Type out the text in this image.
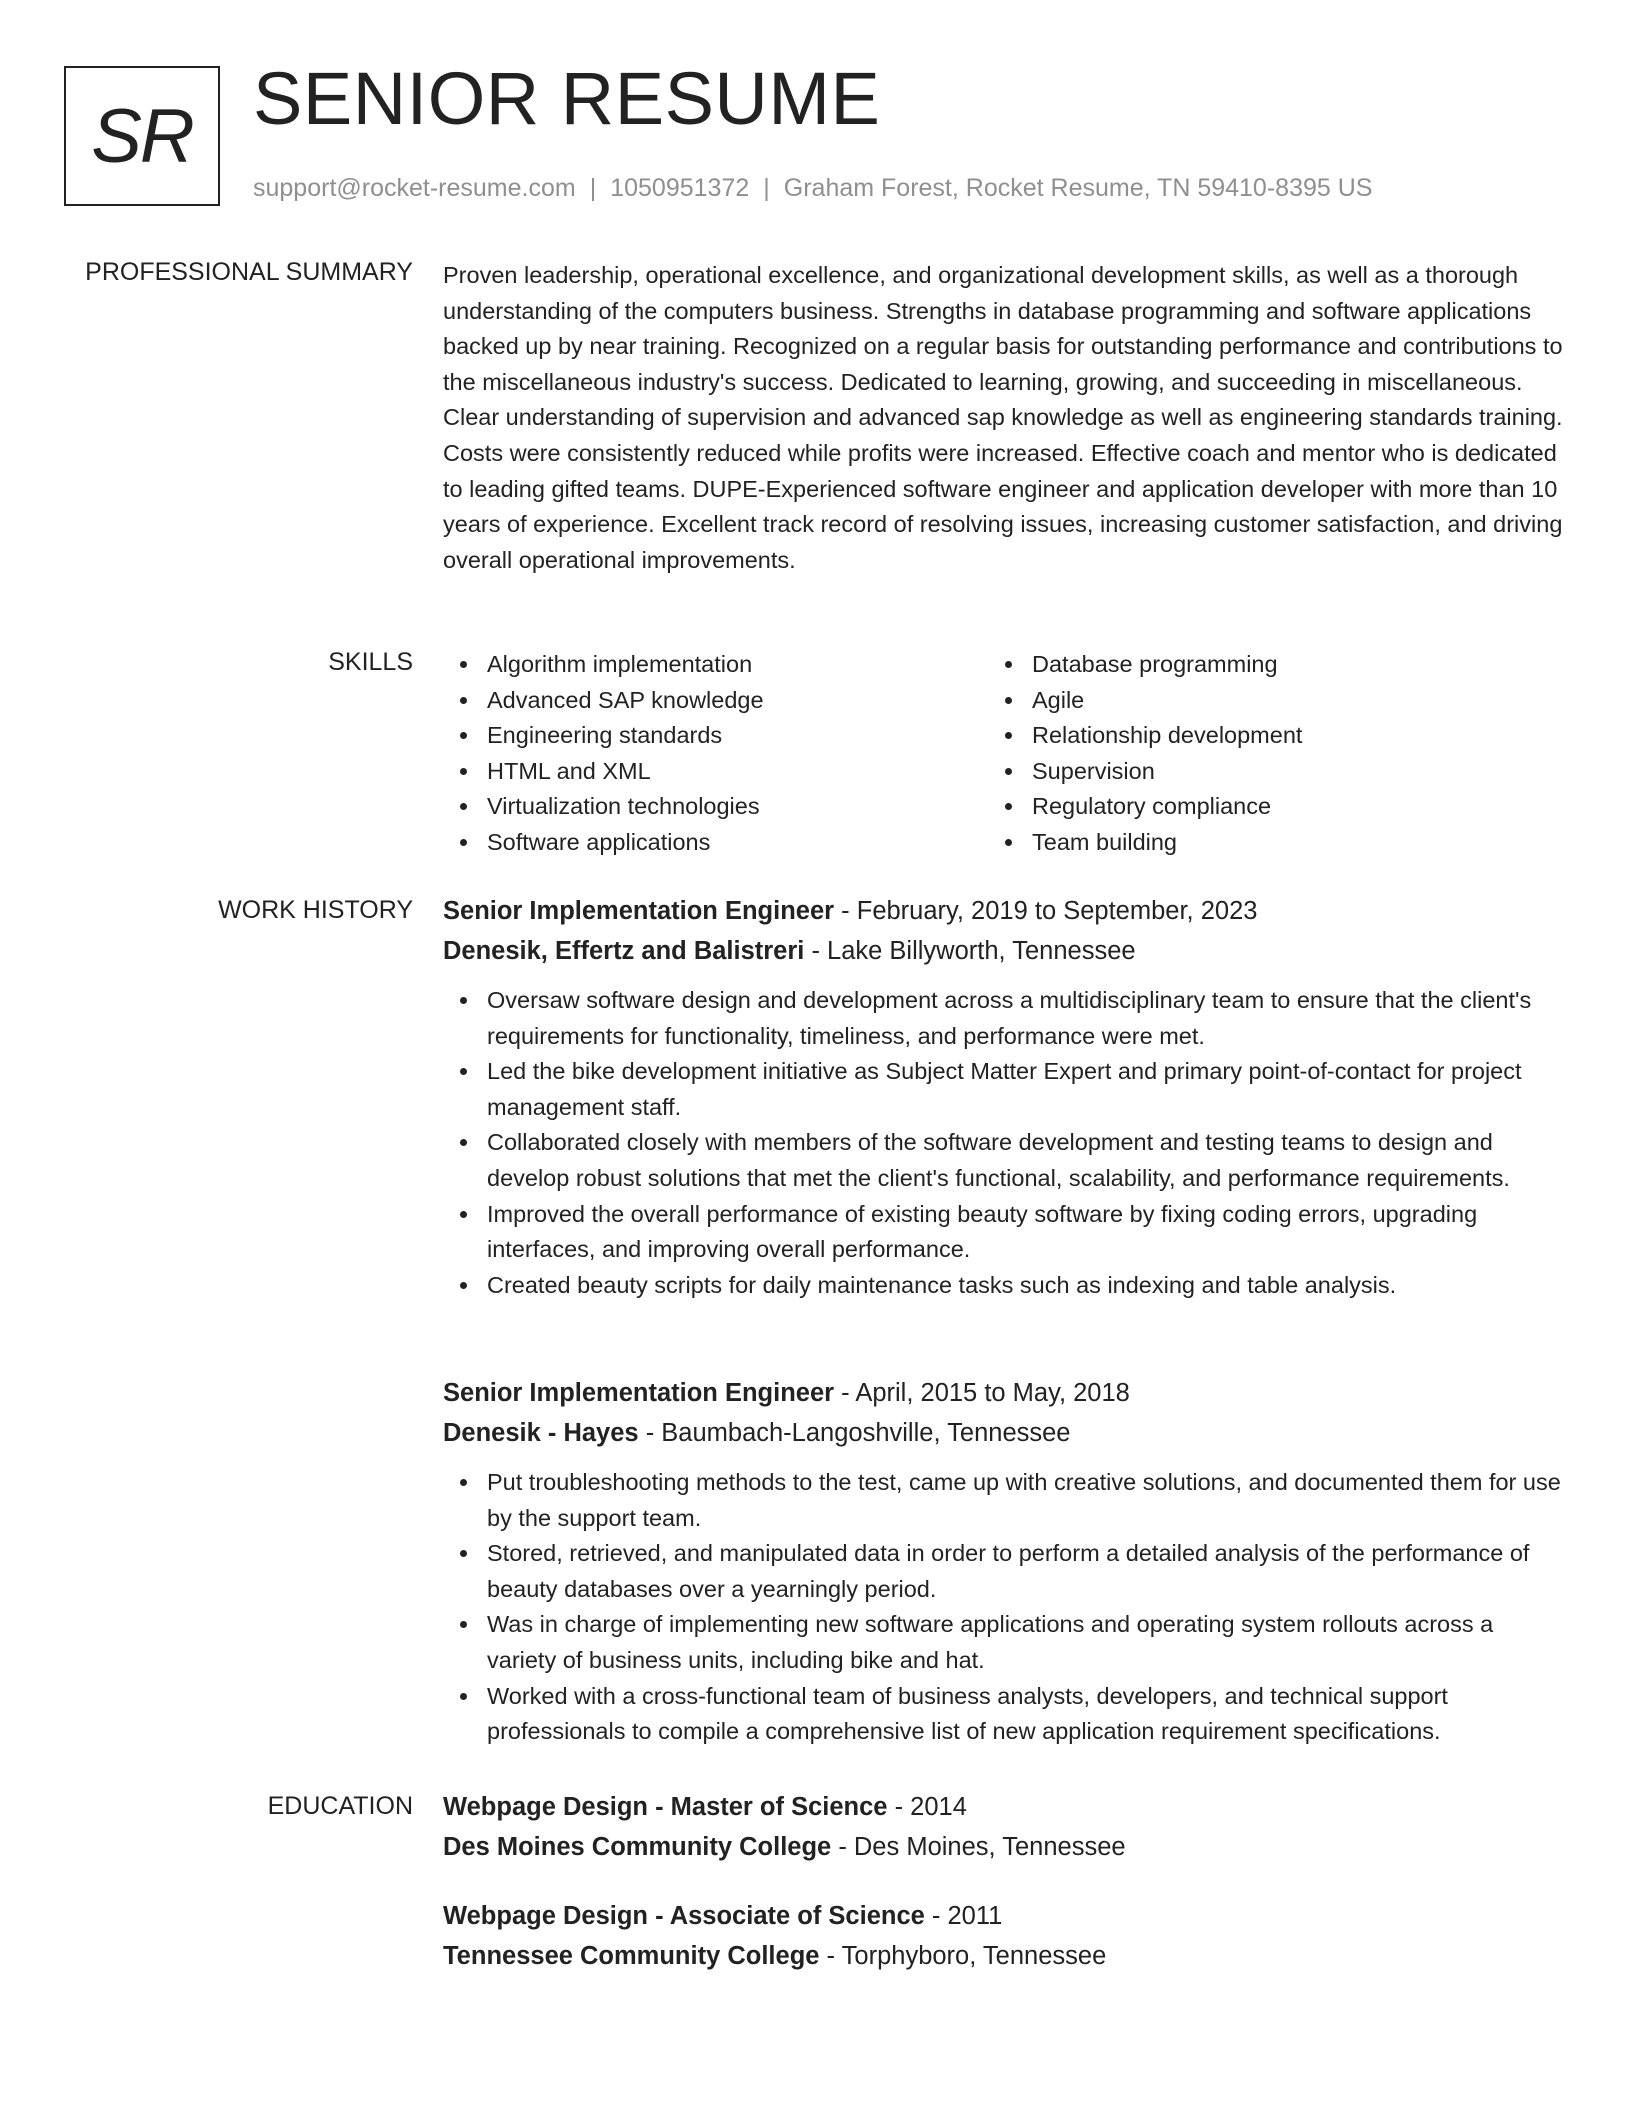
SR SENIOR RESUME
support@rocket-resume.com | 1050951372 | Graham Forest, Rocket Resume, TN 59410-8395 US
PROFESSIONAL SUMMARY Proven leadership, operational excellence, and organizational development skills, as well as a thorough understanding of the computers business. Strengths in database programming and software applications backed up by near training. Recognized on a regular basis for outstanding performance and contributions to the miscellaneous industry's success. Dedicated to learning, growing, and succeeding in miscellaneous. Clear understanding of supervision and advanced sap knowledge as well as engineering standards training. Costs were consistently reduced while profits were increased. Effective coach and mentor who is dedicated to leading gifted teams. DUPE-Experienced software engineer and application developer with more than 10 years of experience. Excellent track record of resolving issues, increasing customer satisfaction, and driving overall operational improvements.

SKILLS	Algorithm implementation
Advanced SAP knowledge
Engineering standards
HTML and XML
Virtualization technologies
Software applications
Database programming
Agile
Relationship development
Supervision
Regulatory compliance
Team building
WORK HISTORY Senior Implementation Engineer - February, 2019 to September, 2023
Denesik, Effertz and Balistreri - Lake Billyworth, Tennessee
Oversaw software design and development across a multidisciplinary team to ensure that the client's requirements for functionality, timeliness, and performance were met.
Led the bike development initiative as Subject Matter Expert and primary point-of-contact for project management staff.
Collaborated closely with members of the software development and testing teams to design and develop robust solutions that met the client's functional, scalability, and performance requirements.
Improved the overall performance of existing beauty software by fixing coding errors, upgrading interfaces, and improving overall performance.
Created beauty scripts for daily maintenance tasks such as indexing and table analysis.
Senior Implementation Engineer - April, 2015 to May, 2018
Denesik - Hayes - Baumbach-Langoshville, Tennessee
Put troubleshooting methods to the test, came up with creative solutions, and documented them for use by the support team.
Stored, retrieved, and manipulated data in order to perform a detailed analysis of the performance of beauty databases over a yearningly period.
Was in charge of implementing new software applications and operating system rollouts across a variety of business units, including bike and hat.
Worked with a cross-functional team of business analysts, developers, and technical support professionals to compile a comprehensive list of new application requirement specifications.
EDUCATION Webpage Design - Master of Science - 2014
Des Moines Community College - Des Moines, Tennessee
Webpage Design - Associate of Science - 2011
Tennessee Community College - Torphyboro, Tennessee
